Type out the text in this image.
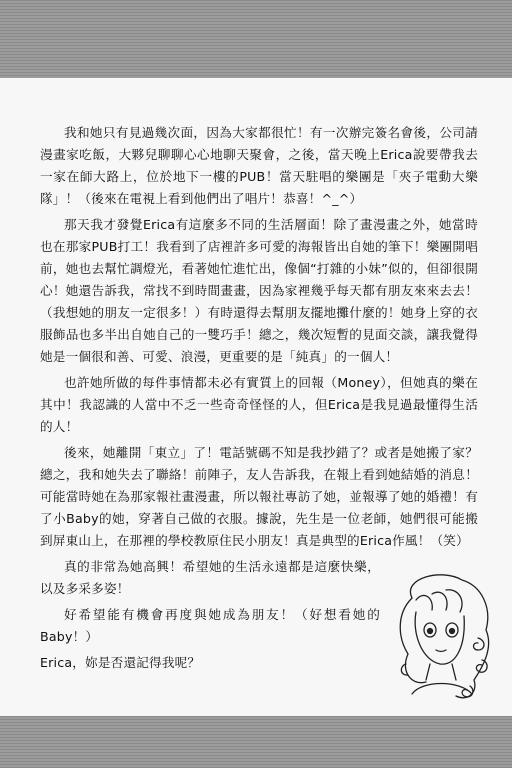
我和她只有見過幾次面，因為大家都很忙！有一次辦完簽名會後，公司請漫畫家吃飯，大夥兒聊聊心心地聊天聚會，之後，當天晚上Erica說要帶我去一家在師大路上，位於地下一樓的PUB！當天駐唱的樂團是「夾子電動大樂隊」！（後來在電視上看到他們出了唱片！恭喜！^_^）

那天我才發覺Erica有這麼多不同的生活層面！除了畫漫畫之外，她當時也在那家PUB打工！我看到了店裡許多可愛的海報皆出自她的筆下！樂團開唱前，她也去幫忙調燈光，看著她忙進忙出，像個“打雜的小妹”似的，但卻很開心！她還告訴我，常找不到時間畫畫，因為家裡幾乎每天都有朋友來來去去！（我想她的朋友一定很多！）有時還得去幫朋友擺地攤什麼的！她身上穿的衣服飾品也多半出自她自己的一雙巧手！總之，幾次短暫的見面交談，讓我覺得她是一個很和善、可愛、浪漫，更重要的是「純真」的一個人！

也許她所做的每件事情都未必有實質上的回報（Money），但她真的樂在其中！我認識的人當中不乏一些奇奇怪怪的人，但Erica是我見過最懂得生活的人！

後來，她離開「東立」了！電話號碼不知是我抄錯了？或者是她搬了家？總之，我和她失去了聯絡！前陣子，友人告訴我，在報上看到她結婚的消息！可能當時她在為那家報社畫漫畫，所以報社專訪了她，並報導了她的婚禮！有了小Baby的她，穿著自己做的衣服。據說，先生是一位老師，她們很可能搬到屏東山上，在那裡的學校教原住民小朋友！真是典型的Erica作風！（笑）

真的非常為她高興！希望她的生活永遠都是這麼快樂，以及多采多姿！

好希望能有機會再度與她成為朋友！（好想看她的Baby！）

Erica，妳是否還記得我呢？
